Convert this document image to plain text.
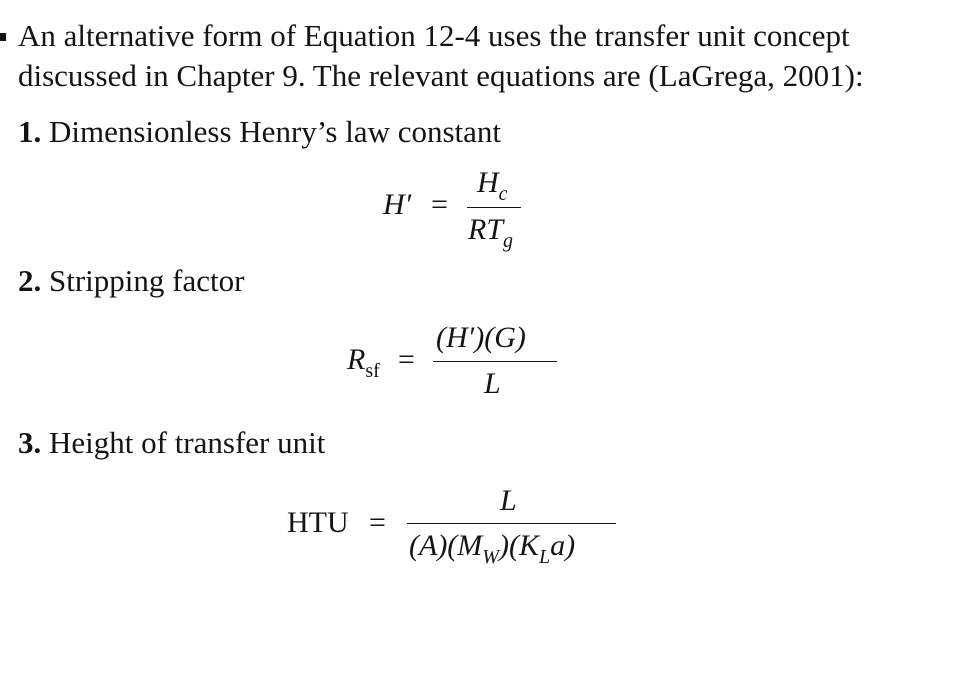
An alternative form of Equation 12-4 uses the transfer unit concept
discussed in Chapter 9. The relevant equations are (LaGrega, 2001):
1. Dimensionless Henry’s law constant
H′ =
$H_c$
$RT_g$
2. Stripping factor
$R_{sf}$ =
(H′)(G)
L
3. Height of transfer unit
HTU =
L
$(A)(M_W)(K_La)$
